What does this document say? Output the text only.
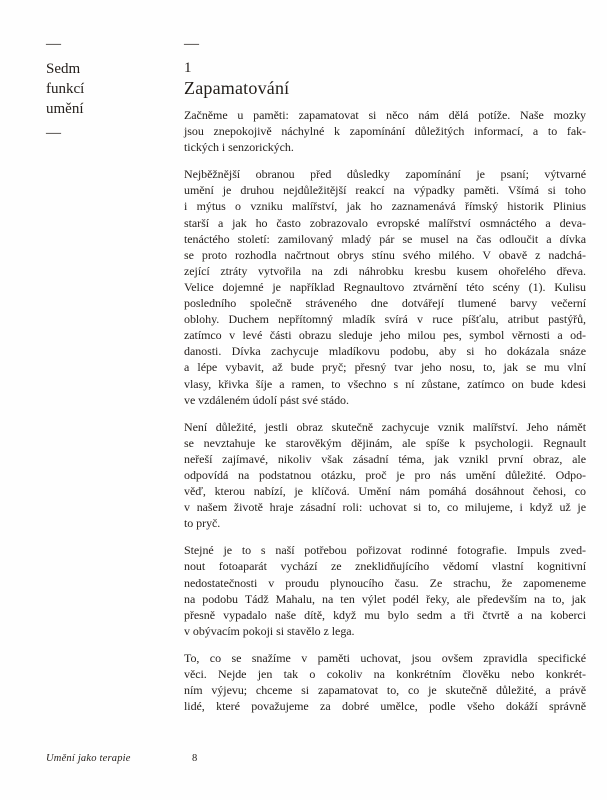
—
Sedm
funkcí
umění
—
—
1
Zapamatování
Začněme u paměti: zapamatovat si něco nám dělá potíže. Naše mozky
jsou znepokojivě náchylné k zapomínání důležitých informací, a to fak-
tických i senzorických.
Nejběžnější obranou před důsledky zapomínání je psaní; výtvarné
umění je druhou nejdůležitější reakcí na výpadky paměti. Všímá si toho
i mýtus o vzniku malířství, jak ho zaznamenává římský historik Plinius
starší a jak ho často zobrazovalo evropské malířství osmnáctého a deva-
tenáctého století: zamilovaný mladý pár se musel na čas odloučit a dívka
se proto rozhodla načrtnout obrys stínu svého milého. V obavě z nadchá-
zející ztráty vytvořila na zdi náhrobku kresbu kusem ohořelého dřeva.
Velice dojemné je například Regnaultovo ztvárnění této scény (1). Kulisu
posledního společně stráveného dne dotvářejí tlumené barvy večerní
oblohy. Duchem nepřítomný mladík svírá v ruce píšťalu, atribut pastýřů,
zatímco v levé části obrazu sleduje jeho milou pes, symbol věrnosti a od-
danosti. Dívka zachycuje mladíkovu podobu, aby si ho dokázala snáze
a lépe vybavit, až bude pryč; přesný tvar jeho nosu, to, jak se mu vlní
vlasy, křivka šíje a ramen, to všechno s ní zůstane, zatímco on bude kdesi
ve vzdáleném údolí pást své stádo.
Není důležité, jestli obraz skutečně zachycuje vznik malířství. Jeho námět
se nevztahuje ke starověkým dějinám, ale spíše k psychologii. Regnault
neřeší zajímavé, nikoliv však zásadní téma, jak vznikl první obraz, ale
odpovídá na podstatnou otázku, proč je pro nás umění důležité. Odpo-
věď, kterou nabízí, je klíčová. Umění nám pomáhá dosáhnout čehosi, co
v našem životě hraje zásadní roli: uchovat si to, co milujeme, i když už je
to pryč.
Stejné je to s naší potřebou pořizovat rodinné fotografie. Impuls zved-
nout fotoaparát vychází ze zneklidňujícího vědomí vlastní kognitivní
nedostatečnosti v proudu plynoucího času. Ze strachu, že zapomeneme
na podobu Tádž Mahalu, na ten výlet podél řeky, ale především na to, jak
přesně vypadalo naše dítě, když mu bylo sedm a tři čtvrtě a na koberci
v obývacím pokoji si stavělo z lega.
To, co se snažíme v paměti uchovat, jsou ovšem zpravidla specifické
věci. Nejde jen tak o cokoliv na konkrétním člověku nebo konkrét-
ním výjevu; chceme si zapamatovat to, co je skutečně důležité, a právě
lidé, které považujeme za dobré umělce, podle všeho dokáží správně
Umění jako terapie	8
